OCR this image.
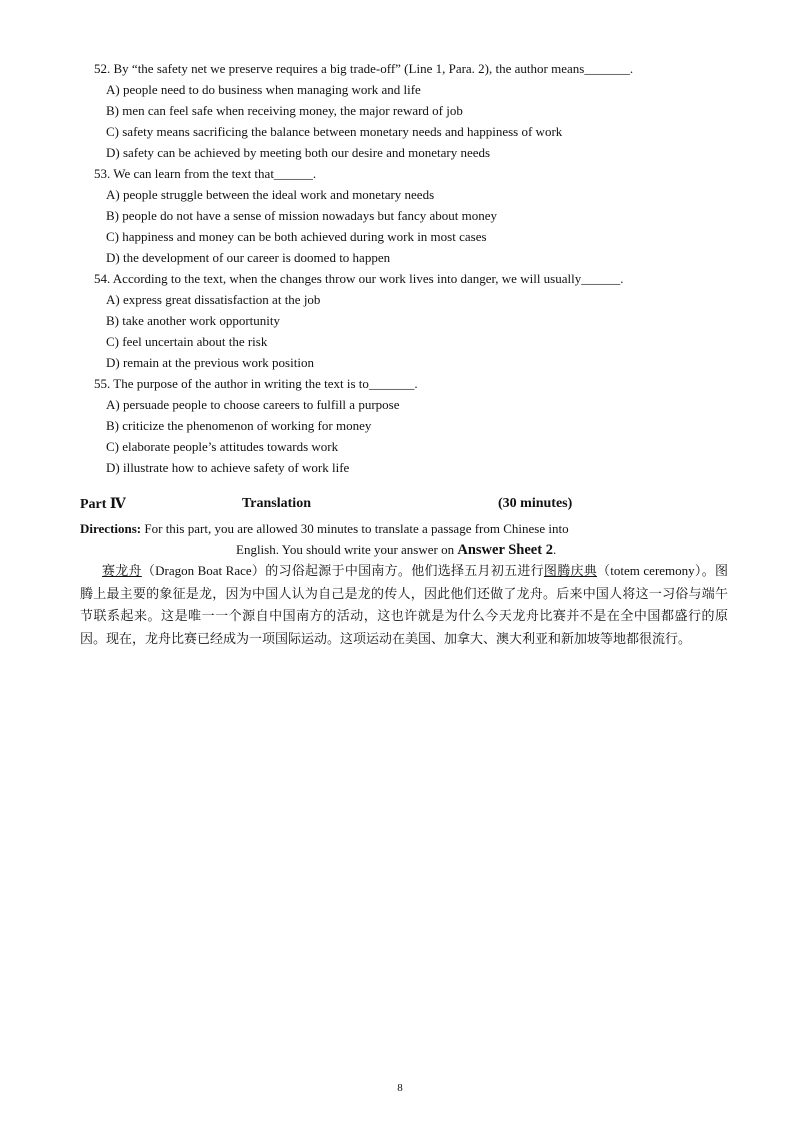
52. By “the safety net we preserve requires a big trade-off” (Line 1, Para. 2), the author means_______.
A) people need to do business when managing work and life
B) men can feel safe when receiving money, the major reward of job
C) safety means sacrificing the balance between monetary needs and happiness of work
D) safety can be achieved by meeting both our desire and monetary needs
53. We can learn from the text that______.
A) people struggle between the ideal work and monetary needs
B) people do not have a sense of mission nowadays but fancy about money
C) happiness and money can be both achieved during work in most cases
D) the development of our career is doomed to happen
54. According to the text, when the changes throw our work lives into danger, we will usually______.
A) express great dissatisfaction at the job
B) take another work opportunity
C) feel uncertain about the risk
D) remain at the previous work position
55. The purpose of the author in writing the text is to_______.
A) persuade people to choose careers to fulfill a purpose
B) criticize the phenomenon of working for money
C) elaborate people’s attitudes towards work
D) illustrate how to achieve safety of work life
Part Ⅳ	Translation	(30 minutes)
Directions: For this part, you are allowed 30 minutes to translate a passage from Chinese into
English. You should write your answer on Answer Sheet 2.
赛龙舟（Dragon Boat Race）的习俗起源于中国南方。他们选择五月初五进行图腾庆典（totem ceremony）。图腾上最主要的象征是龙，因为中国人认为自己是龙的传人，因此他们还做了龙舟。后来中国人将这一习俗与端午节联系起来。这是唯一一个源自中国南方的活动，这也许就是为什么今天龙舟比赛并不是在全中国都盛行的原因。现在，龙舟比赛已经成为一项国际运动。这项运动在美国、加拿大、澳大利亚和新加坡等地都很流行。
8
